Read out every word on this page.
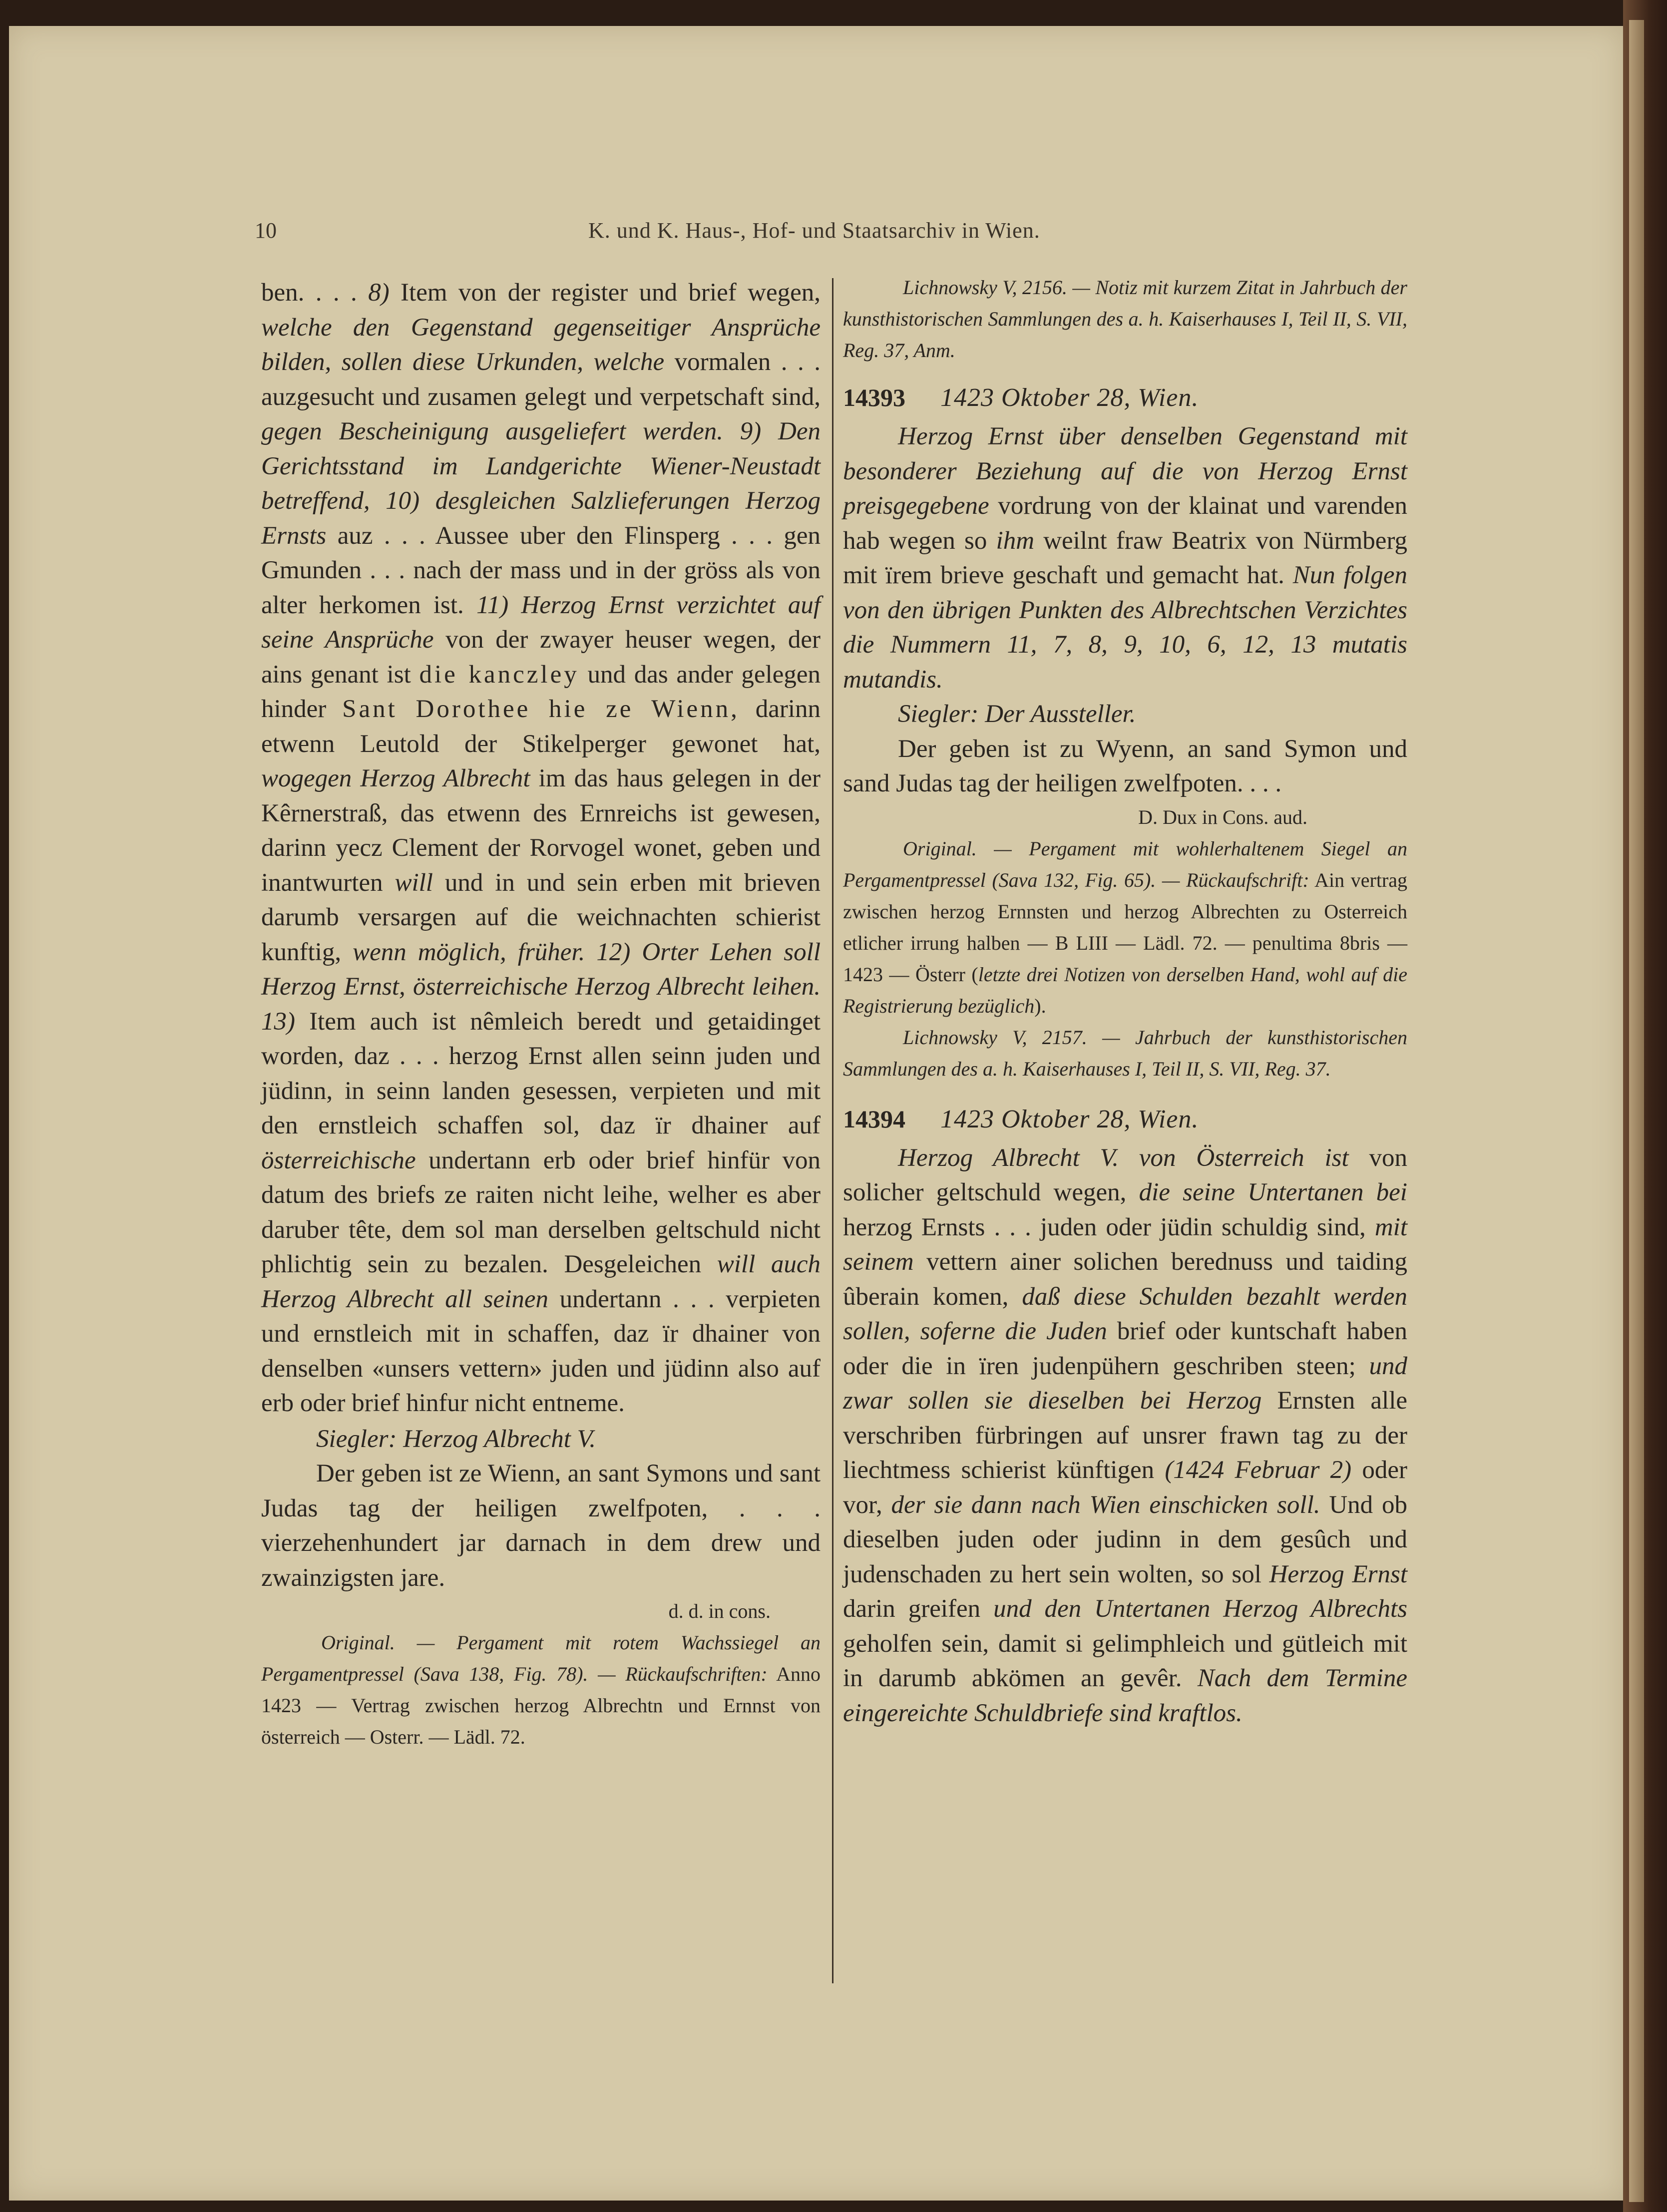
10	K. und K. Haus-, Hof- und Staatsarchiv in Wien.

ben. . . . 8) Item von der register und brief wegen, welche den Gegenstand gegenseitiger Ansprüche bilden, sollen diese Urkunden, welche vormalen . . . auzgesucht und zusamen gelegt und verpetschaft sind, gegen Bescheinigung ausgeliefert werden. 9) Den Gerichtsstand im Landgerichte Wiener-Neustadt betreffend, 10) desgleichen Salzlieferungen Herzog Ernsts auz . . . Aussee uber den Flinsperg . . . gen Gmunden . . . nach der mass und in der gröss als von alter herkomen ist. 11) Herzog Ernst verzichtet auf seine Ansprüche von der zwayer heuser wegen, der ains genant ist die kanczley und das ander gelegen hinder Sant Dorothee hie ze Wienn, darinn etwenn Leutold der Stikelperger gewonet hat, wogegen Herzog Albrecht im das haus gelegen in der Kêrnerstraß, das etwenn des Ernreichs ist gewesen, darinn yecz Clement der Rorvogel wonet, geben und inantwurten will und in und sein erben mit brieven darumb versargen auf die weichnachten schierist kunftig, wenn möglich, früher. 12) Orter Lehen soll Herzog Ernst, österreichische Herzog Albrecht leihen. 13) Item auch ist nêmleich beredt und getaidinget worden, daz . . . herzog Ernst allen seinn juden und jüdinn, in seinn landen gesessen, verpieten und mit den ernstleich schaffen sol, daz ïr dhainer auf österreichische undertann erb oder brief hinfür von datum des briefs ze raiten nicht leihe, welher es aber daruber têtе, dem sol man derselben geltschuld nicht phlichtig sein zu bezalen. Desgeleichen will auch Herzog Albrecht all seinen undertann . . . verpieten und ernstleich mit in schaffen, daz ïr dhainer von denselben «unsers vettern» juden und jüdinn also auf erb oder brief hinfur nicht entneme.

Siegler: Herzog Albrecht V.

Der geben ist ze Wienn, an sant Symons und sant Judas tag der heiligen zwelfpoten, . . . vierzehenhundert jar darnach in dem drew und zwainzigsten jare.

d. d. in cons.

Original. — Pergament mit rotem Wachssiegel an Pergamentpressel (Sava 138, Fig. 78). — Rückaufschriften: Anno 1423 — Vertrag zwischen herzog Albrechtn und Ernnst von österreich — Osterr. — Lädl. 72.

Lichnowsky V, 2156. — Notiz mit kurzem Zitat in Jahrbuch der kunsthistorischen Sammlungen des a. h. Kaiserhauses I, Teil II, S. VII, Reg. 37, Anm.

14393 1423 Oktober 28, Wien.

Herzog Ernst über denselben Gegenstand mit besonderer Beziehung auf die von Herzog Ernst preisgegebene vordrung von der klainat und varenden hab wegen so ihm weilnt fraw Beatrix von Nürmberg mit ïrem brieve geschaft und gemacht hat. Nun folgen von den übrigen Punkten des Albrechtschen Verzichtes die Nummern 11, 7, 8, 9, 10, 6, 12, 13 mutatis mutandis.

Siegler: Der Aussteller.

Der geben ist zu Wyenn, an sand Symon und sand Judas tag der heiligen zwelfpoten. . . .

D. Dux in Cons. aud.

Original. — Pergament mit wohlerhaltenem Siegel an Pergamentpressel (Sava 132, Fig. 65). — Rückaufschrift: Ain vertrag zwischen herzog Ernnsten und herzog Albrechten zu Osterreich etlicher irrung halben — B LIII — Lädl. 72. — penultima 8bris — 1423 — Österr (letzte drei Notizen von derselben Hand, wohl auf die Registrierung bezüglich).

Lichnowsky V, 2157. — Jahrbuch der kunsthistorischen Sammlungen des a. h. Kaiserhauses I, Teil II, S. VII, Reg. 37.

14394 1423 Oktober 28, Wien.

Herzog Albrecht V. von Österreich ist von solicher geltschuld wegen, die seine Untertanen bei herzog Ernsts . . . juden oder jüdin schuldig sind, mit seinem vettern ainer solichen berednuss und taiding ûberain komen, daß diese Schulden bezahlt werden sollen, soferne die Juden brief oder kuntschaft haben oder die in ïren judenpühern geschriben steen; und zwar sollen sie dieselben bei Herzog Ernsten alle verschriben fürbringen auf unsrer frawn tag zu der liechtmess schierist künftigen (1424 Februar 2) oder vor, der sie dann nach Wien einschicken soll. Und ob dieselben juden oder judinn in dem gesûch und judenschaden zu hert sein wolten, so sol Herzog Ernst darin greifen und den Untertanen Herzog Albrechts geholfen sein, damit si gelimphleich und gütleich mit in darumb abkömen an gevêr. Nach dem Termine eingereichte Schuldbriefe sind kraftlos.
